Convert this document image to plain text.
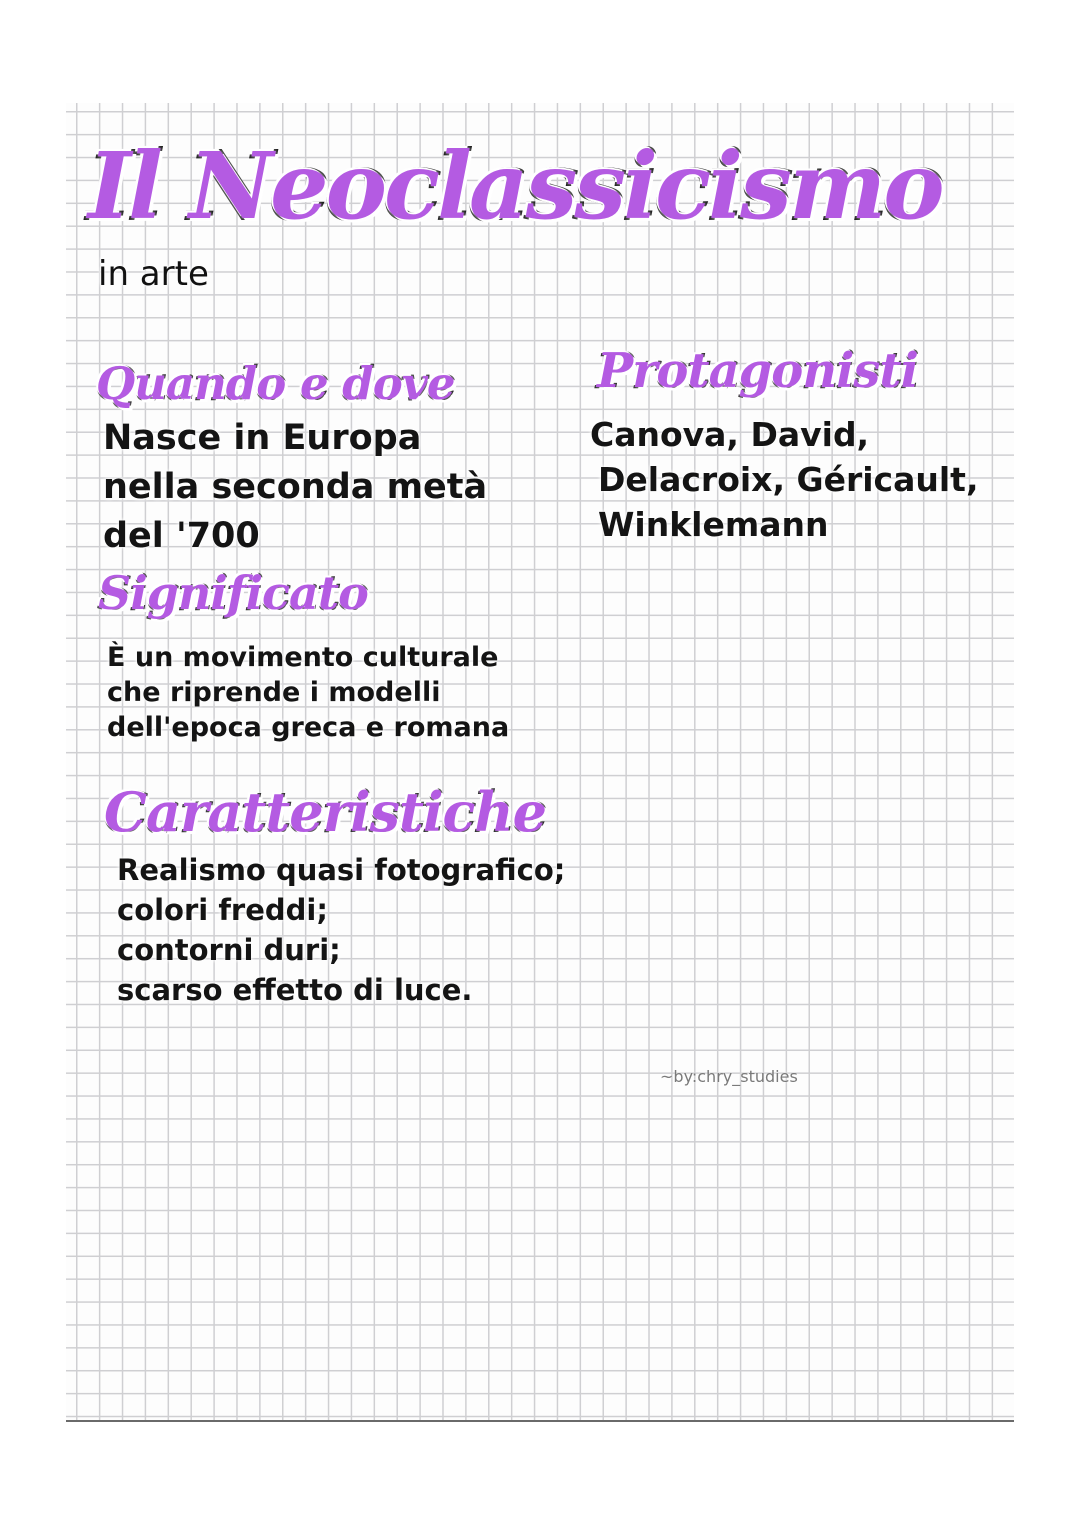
Il Neoclassicismo
in arte
Quando e dove
Nasce in Europa
nella seconda metà
del '700
Protagonisti
Canova, David,
Delacroix, Géricault,
Winklemann
Significato
È un movimento culturale
che riprende i modelli
dell'epoca greca e romana
Caratteristiche
Realismo quasi fotografico;
colori freddi;
contorni duri;
scarso effetto di luce.
~by:chry_studies
